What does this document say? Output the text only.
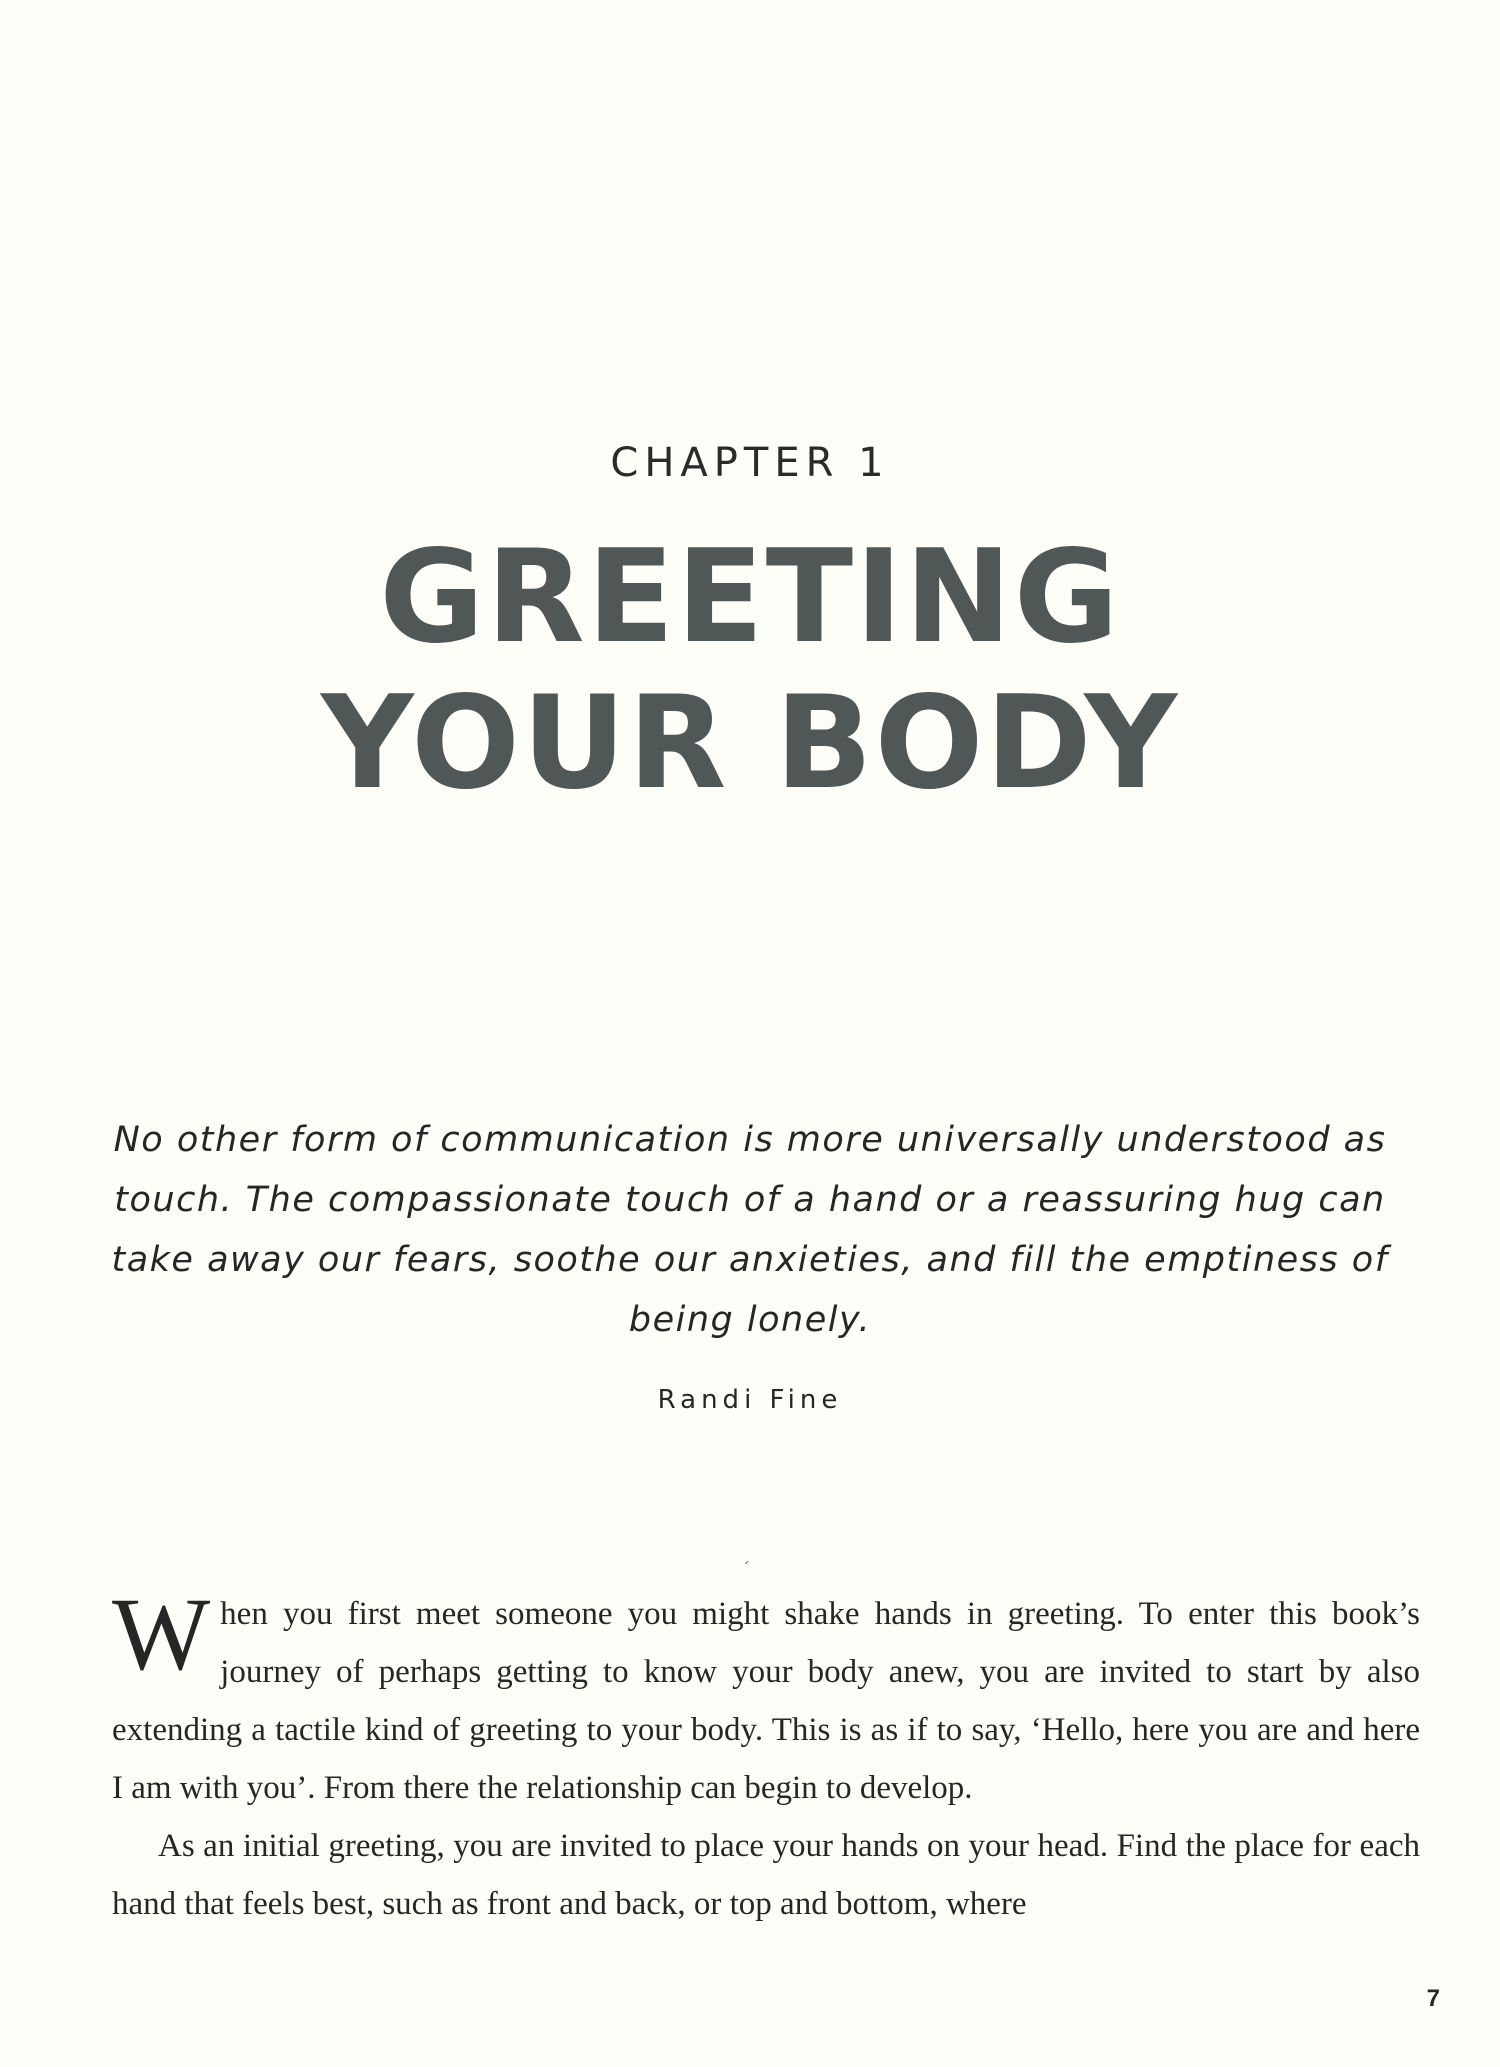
CHAPTER 1
GREETING
YOUR BODY
No other form of communication is more universally understood as touch. The compassionate touch of a hand or a reassuring hug can take away our fears, soothe our anxieties, and fill the emptiness of being lonely.
Randi Fine
ˏ

When you first meet someone you might shake hands in greeting. To enter this book’s journey of perhaps getting to know your body anew, you are invited to start by also extending a tactile kind of greeting to your body. This is as if to say, ‘Hello, here you are and here I am with you’. From there the relationship can begin to develop.

As an initial greeting, you are invited to place your hands on your head. Find the place for each hand that feels best, such as front and back, or top and bottom, where

7
